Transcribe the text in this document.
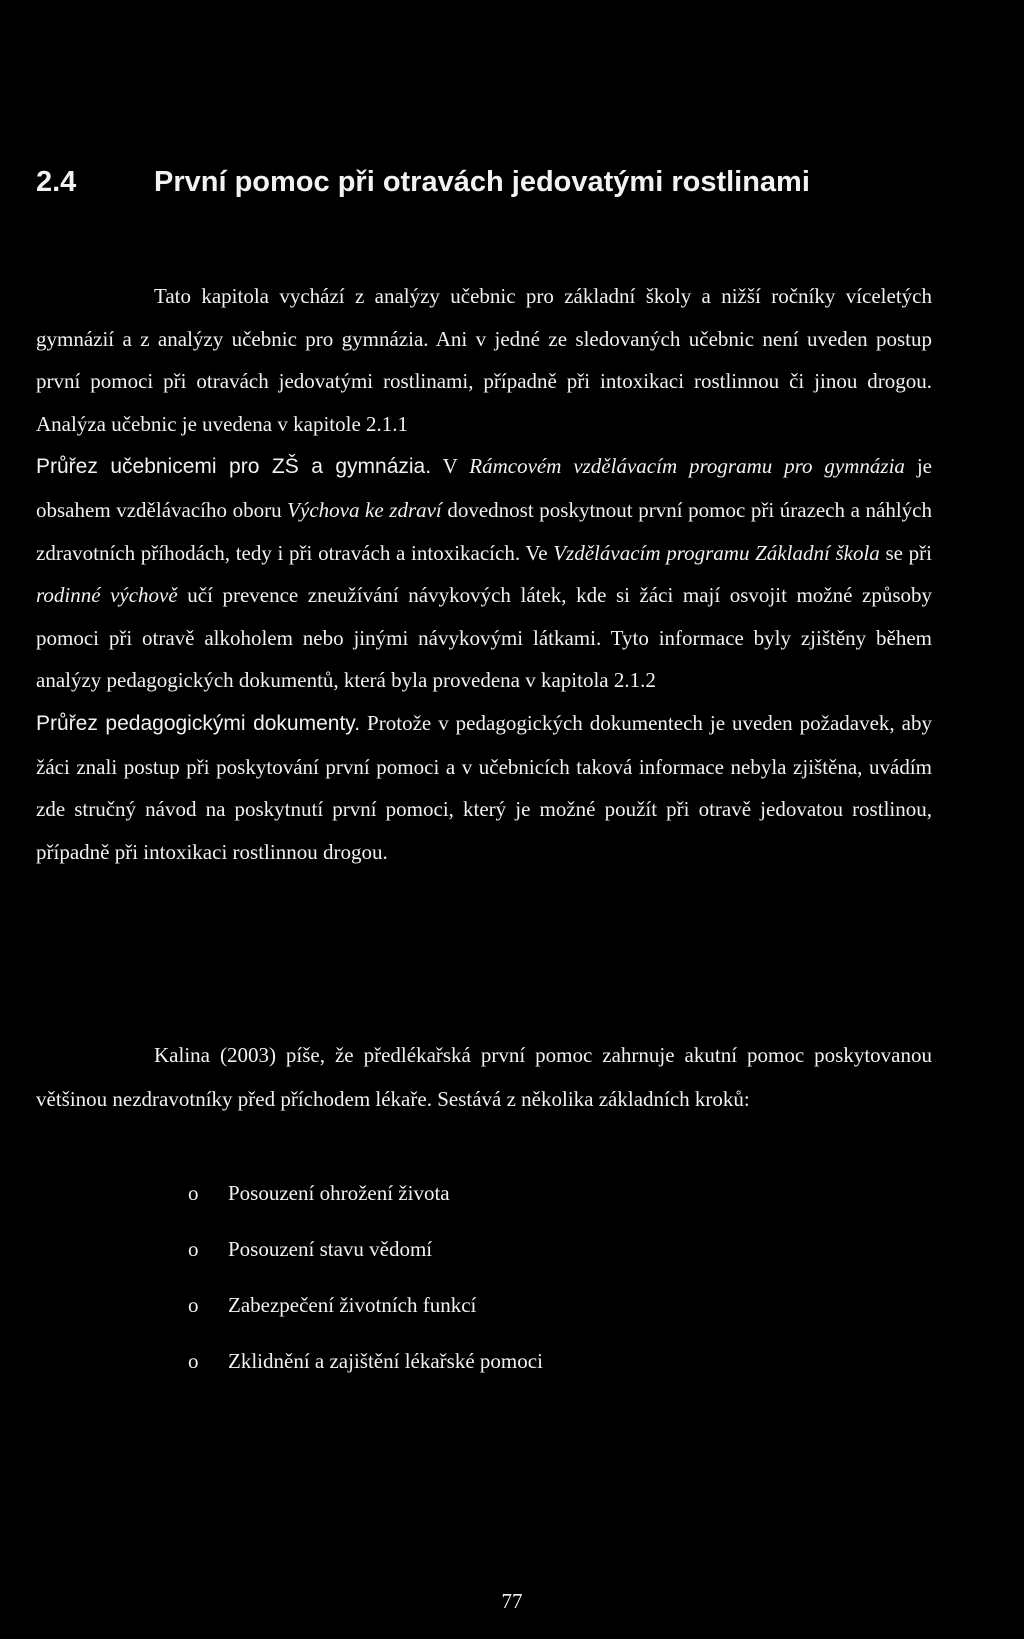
2.4	První pomoc při otravách jedovatými rostlinami

Tato kapitola vychází z analýzy učebnic pro základní školy a nižší ročníky víceletých gymnázií a z analýzy učebnic pro gymnázia. Ani v jedné ze sledovaných učebnic není uveden postup první pomoci při otravách jedovatými rostlinami, případně při intoxikaci rostlinnou či jinou drogou. Analýza učebnic je uvedena v kapitole 2.1.1
Průřez učebnicemi pro ZŠ a gymnázia. V Rámcovém vzdělávacím programu pro gymnázia je obsahem vzdělávacího oboru Výchova ke zdraví dovednost poskytnout první pomoc při úrazech a náhlých zdravotních příhodách, tedy i při otravách a intoxikacích. Ve Vzdělávacím programu Základní škola se při rodinné výchově učí prevence zneužívání návykových látek, kde si žáci mají osvojit možné způsoby pomoci při otravě alkoholem nebo jinými návykovými látkami. Tyto informace byly zjištěny během analýzy pedagogických dokumentů, která byla provedena v kapitola 2.1.2
Průřez pedagogickými dokumenty. Protože v pedagogických dokumentech je uveden požadavek, aby žáci znali postup při poskytování první pomoci a v učebnicích taková informace nebyla zjištěna, uvádím zde stručný návod na poskytnutí první pomoci, který je možné použít při otravě jedovatou rostlinou, případně při intoxikaci rostlinnou drogou.

Kalina (2003) píše, že předlékařská první pomoc zahrnuje akutní pomoc poskytovanou většinou nezdravotníky před příchodem lékaře. Sestává z několika základních kroků:

o Posouzení ohrožení života
o Posouzení stavu vědomí
o Zabezpečení životních funkcí
o Zklidnění a zajištění lékařské pomoci
77
